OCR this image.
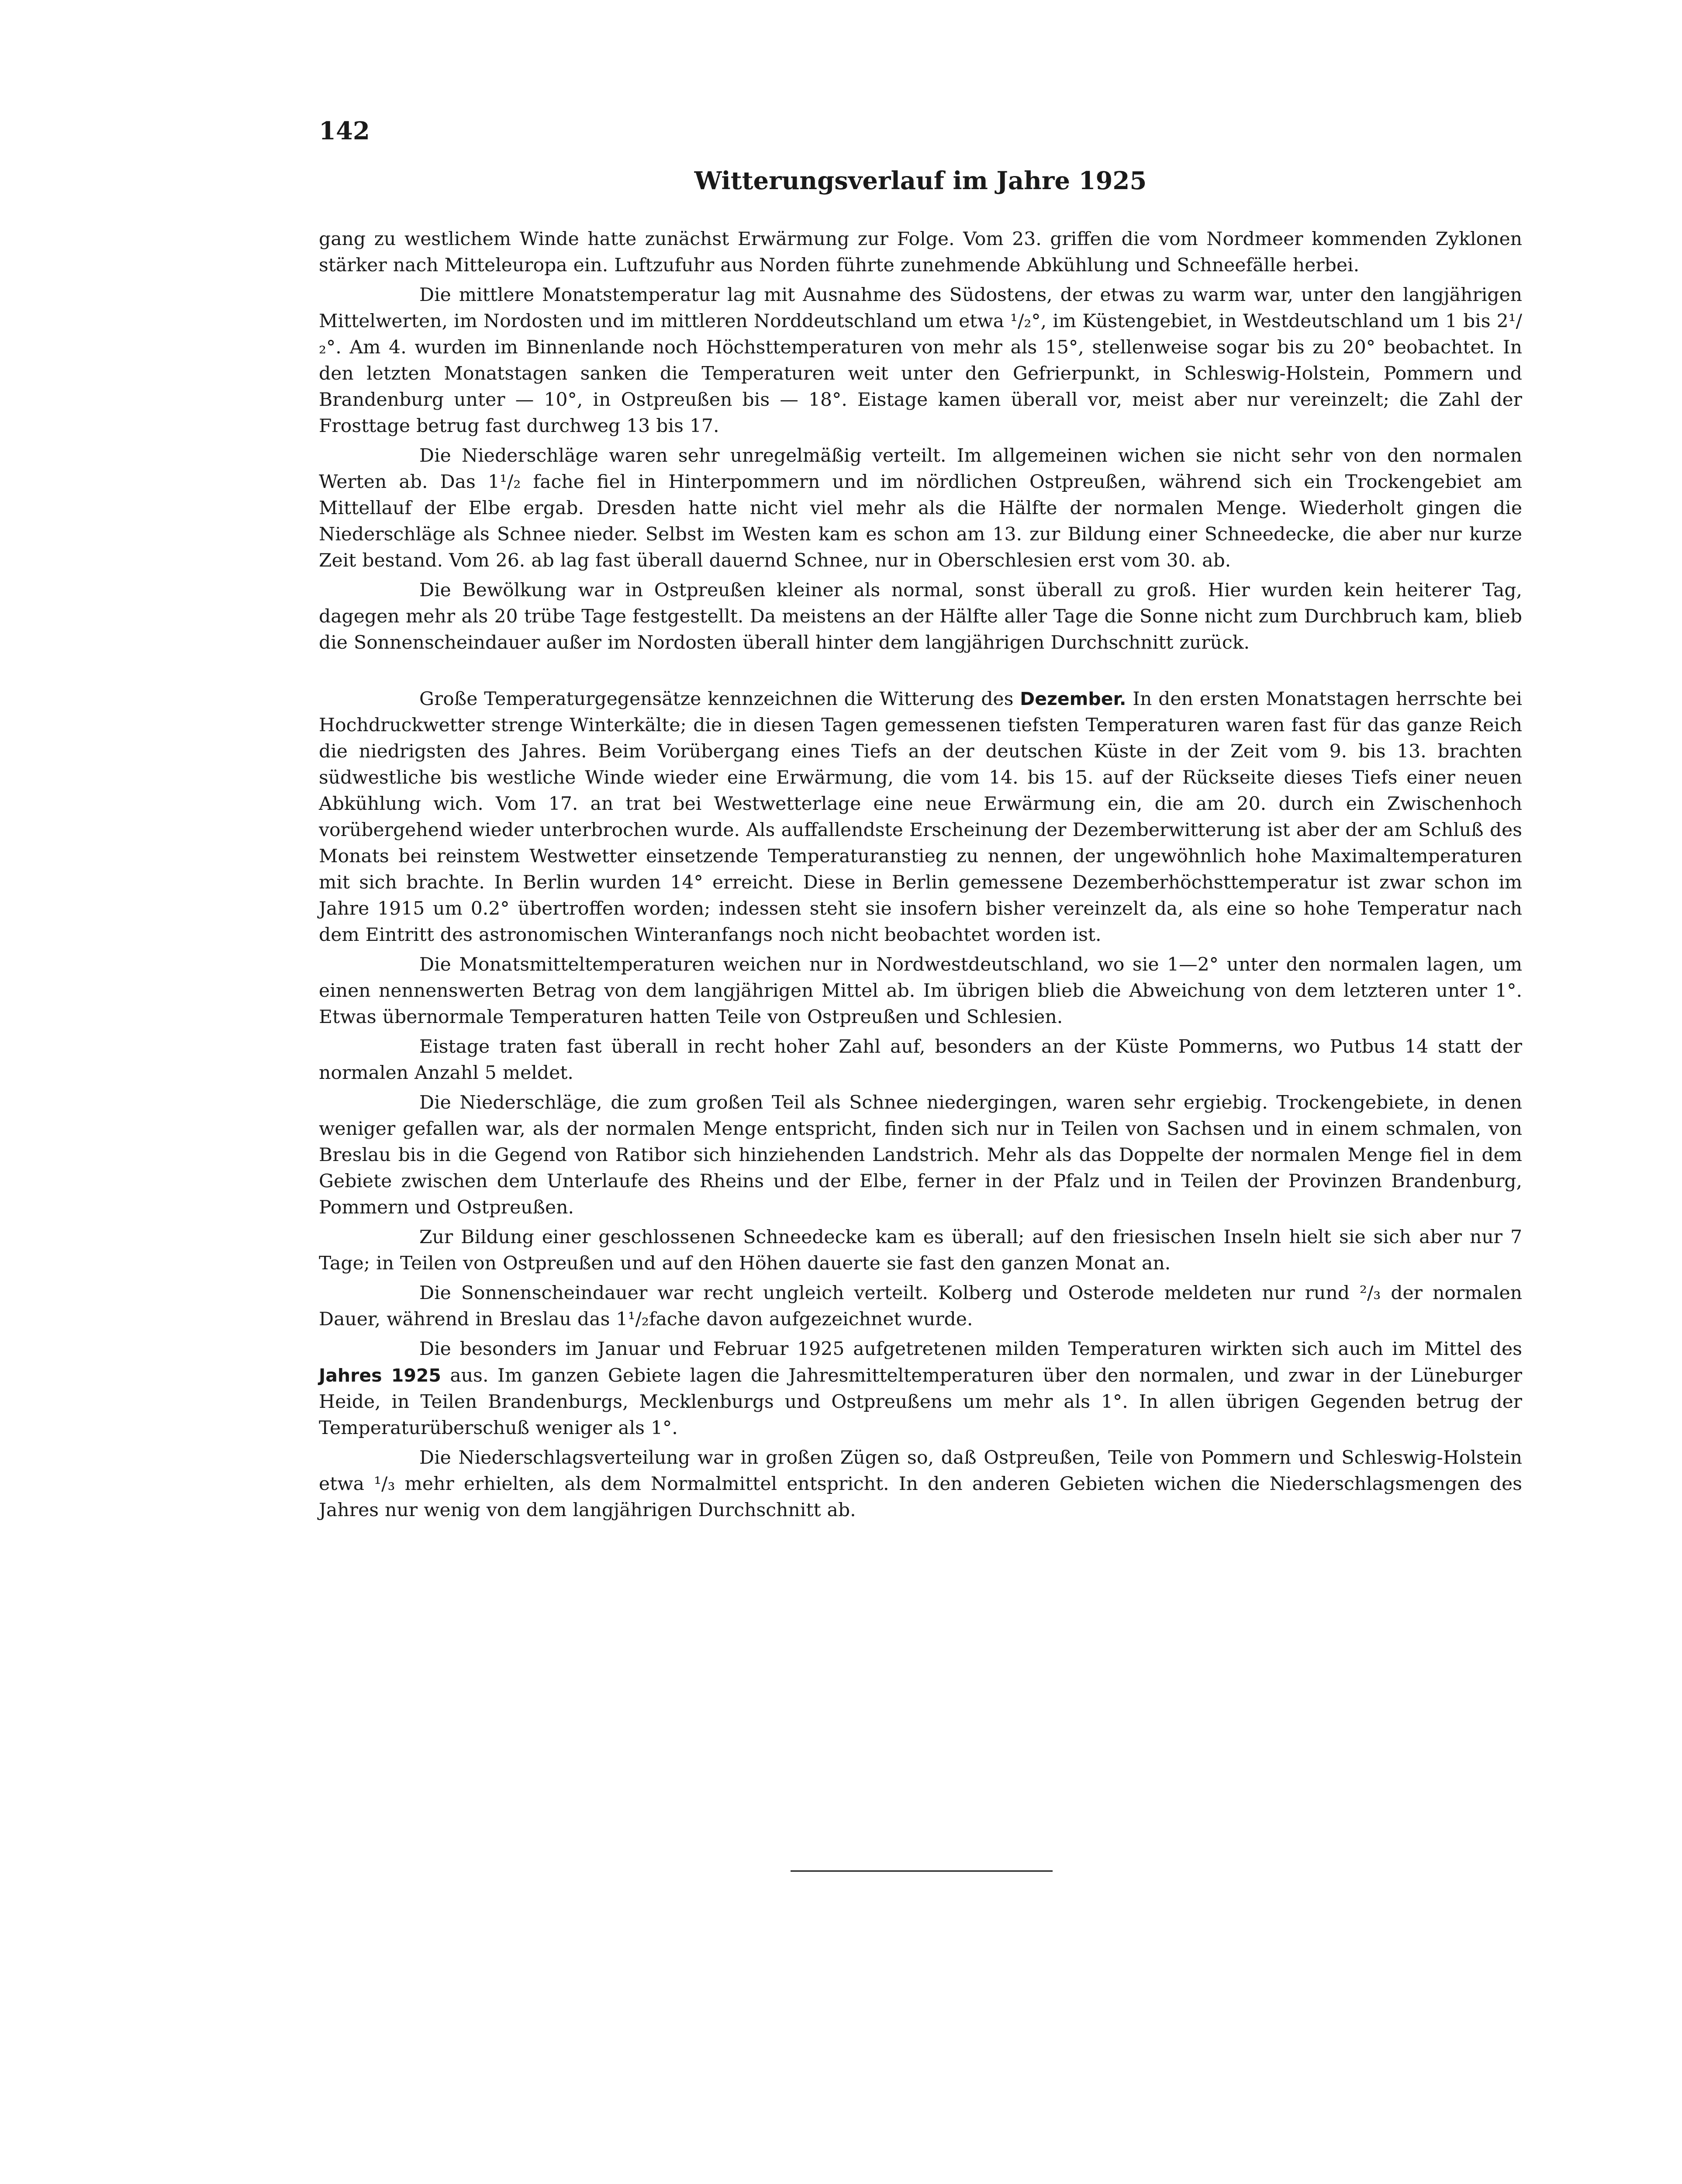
142
Witterungsverlauf im Jahre 1925

gang zu westlichem Winde hatte zunächst Erwärmung zur Folge. Vom 23. griffen die vom Nordmeer kommenden Zyklonen stärker nach Mitteleuropa ein. Luftzufuhr aus Norden führte zunehmende Abkühlung und Schneefälle herbei.

Die mittlere Monatstemperatur lag mit Ausnahme des Südostens, der etwas zu warm war, unter den langjährigen Mittelwerten, im Nordosten und im mittleren Norddeutschland um etwa ¹/₂°, im Küstengebiet, in Westdeutschland um 1 bis 2¹/₂°. Am 4. wurden im Binnenlande noch Höchsttemperaturen von mehr als 15°, stellenweise sogar bis zu 20° beobachtet. In den letzten Monatstagen sanken die Temperaturen weit unter den Gefrierpunkt, in Schleswig-Holstein, Pommern und Brandenburg unter — 10°, in Ostpreußen bis — 18°. Eistage kamen überall vor, meist aber nur vereinzelt; die Zahl der Frosttage betrug fast durchweg 13 bis 17.

Die Niederschläge waren sehr unregelmäßig verteilt. Im allgemeinen wichen sie nicht sehr von den normalen Werten ab. Das 1¹/₂ fache fiel in Hinterpommern und im nördlichen Ostpreußen, während sich ein Trockengebiet am Mittellauf der Elbe ergab. Dresden hatte nicht viel mehr als die Hälfte der normalen Menge. Wiederholt gingen die Niederschläge als Schnee nieder. Selbst im Westen kam es schon am 13. zur Bildung einer Schneedecke, die aber nur kurze Zeit bestand. Vom 26. ab lag fast überall dauernd Schnee, nur in Oberschlesien erst vom 30. ab.

Die Bewölkung war in Ostpreußen kleiner als normal, sonst überall zu groß. Hier wurden kein heiterer Tag, dagegen mehr als 20 trübe Tage festgestellt. Da meistens an der Hälfte aller Tage die Sonne nicht zum Durchbruch kam, blieb die Sonnenscheindauer außer im Nordosten überall hinter dem langjährigen Durchschnitt zurück.

Große Temperaturgegensätze kennzeichnen die Witterung des Dezember. In den ersten Monatstagen herrschte bei Hochdruckwetter strenge Winterkälte; die in diesen Tagen gemessenen tiefsten Temperaturen waren fast für das ganze Reich die niedrigsten des Jahres. Beim Vorübergang eines Tiefs an der deutschen Küste in der Zeit vom 9. bis 13. brachten südwestliche bis westliche Winde wieder eine Erwärmung, die vom 14. bis 15. auf der Rückseite dieses Tiefs einer neuen Abkühlung wich. Vom 17. an trat bei Westwetterlage eine neue Erwärmung ein, die am 20. durch ein Zwischenhoch vorübergehend wieder unterbrochen wurde. Als auffallendste Erscheinung der Dezemberwitterung ist aber der am Schluß des Monats bei reinstem Westwetter einsetzende Temperaturanstieg zu nennen, der ungewöhnlich hohe Maximaltemperaturen mit sich brachte. In Berlin wurden 14° erreicht. Diese in Berlin gemessene Dezemberhöchsttemperatur ist zwar schon im Jahre 1915 um 0.2° übertroffen worden; indessen steht sie insofern bisher vereinzelt da, als eine so hohe Temperatur nach dem Eintritt des astronomischen Winteranfangs noch nicht beobachtet worden ist.

Die Monatsmitteltemperaturen weichen nur in Nordwestdeutschland, wo sie 1—2° unter den normalen lagen, um einen nennenswerten Betrag von dem langjährigen Mittel ab. Im übrigen blieb die Abweichung von dem letzteren unter 1°. Etwas übernormale Temperaturen hatten Teile von Ostpreußen und Schlesien.

Eistage traten fast überall in recht hoher Zahl auf, besonders an der Küste Pommerns, wo Putbus 14 statt der normalen Anzahl 5 meldet.

Die Niederschläge, die zum großen Teil als Schnee niedergingen, waren sehr ergiebig. Trockengebiete, in denen weniger gefallen war, als der normalen Menge entspricht, finden sich nur in Teilen von Sachsen und in einem schmalen, von Breslau bis in die Gegend von Ratibor sich hinziehenden Landstrich. Mehr als das Doppelte der normalen Menge fiel in dem Gebiete zwischen dem Unterlaufe des Rheins und der Elbe, ferner in der Pfalz und in Teilen der Provinzen Brandenburg, Pommern und Ostpreußen.

Zur Bildung einer geschlossenen Schneedecke kam es überall; auf den friesischen Inseln hielt sie sich aber nur 7 Tage; in Teilen von Ostpreußen und auf den Höhen dauerte sie fast den ganzen Monat an.

Die Sonnenscheindauer war recht ungleich verteilt. Kolberg und Osterode meldeten nur rund ²/₃ der normalen Dauer, während in Breslau das 1¹/₂fache davon aufgezeichnet wurde.

Die besonders im Januar und Februar 1925 aufgetretenen milden Temperaturen wirkten sich auch im Mittel des Jahres 1925 aus. Im ganzen Gebiete lagen die Jahresmitteltemperaturen über den normalen, und zwar in der Lüneburger Heide, in Teilen Brandenburgs, Mecklenburgs und Ostpreußens um mehr als 1°. In allen übrigen Gegenden betrug der Temperaturüberschuß weniger als 1°.

Die Niederschlagsverteilung war in großen Zügen so, daß Ostpreußen, Teile von Pommern und Schleswig-Holstein etwa ¹/₃ mehr erhielten, als dem Normalmittel entspricht. In den anderen Gebieten wichen die Niederschlagsmengen des Jahres nur wenig von dem langjährigen Durchschnitt ab.
